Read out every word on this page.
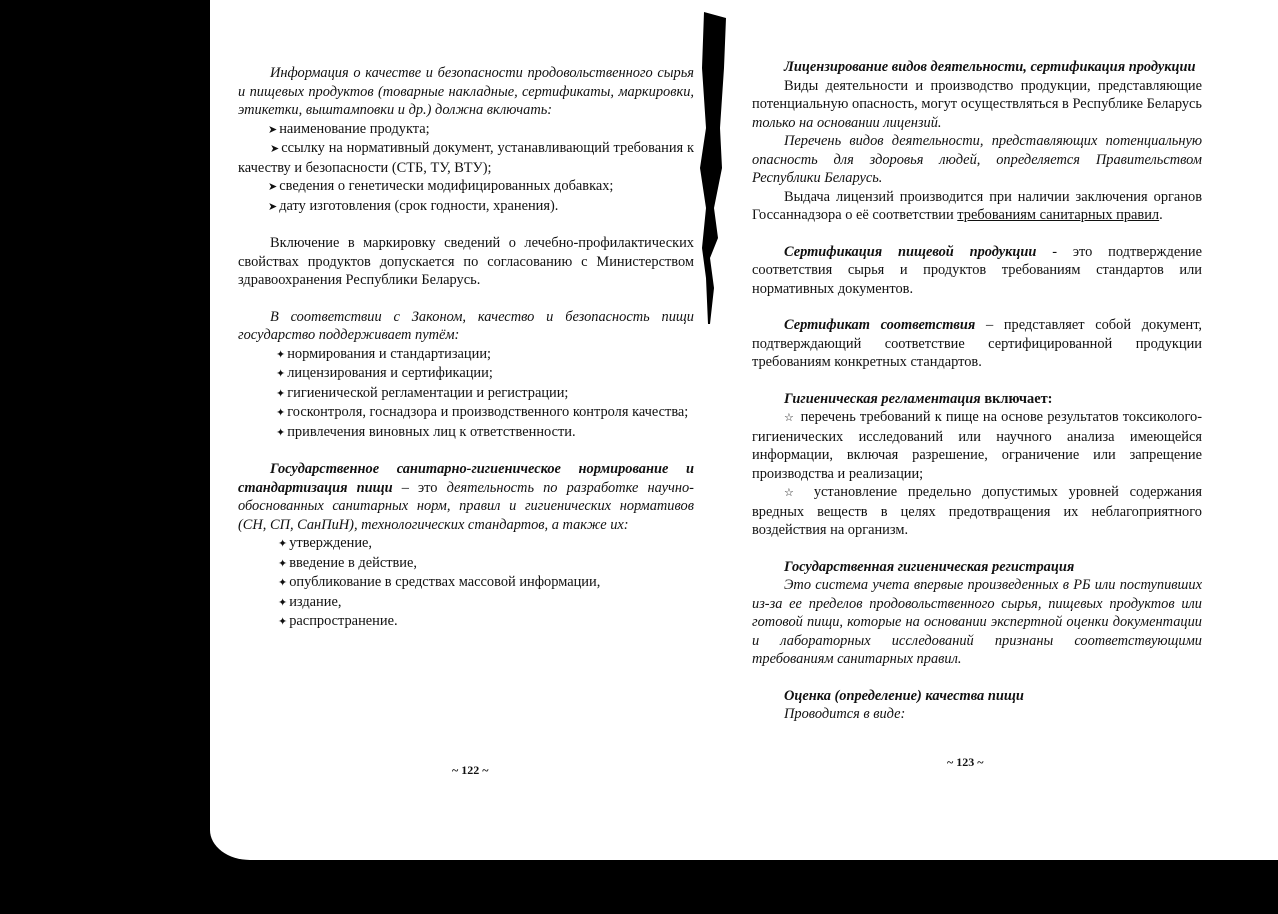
Информация о качестве и безопасности продовольственного сырья и пищевых продуктов (товарные накладные, сертификаты, маркировки, этикетки, выштамповки и др.) должна включать:

➤ наименование продукта;

➤ ссылку на нормативный документ, устанавливающий требования к качеству и безопасности (СТБ, ТУ, ВТУ);

➤ сведения о генетически модифицированных добавках;
➤ дату изготовления (срок годности, хранения).

Включение в маркировку сведений о лечебно-профилактических свойствах продуктов допускается по согласованию с Министерством здравоохранения Республики Беларусь.

В соответствии с Законом, качество и безопасность пищи государство поддерживает путём:

✦ нормирования и стандартизации;
✦ лицензирования и сертификации;
✦ гигиенической регламентации и регистрации;

✦ госконтроля, госнадзора и производственного контроля качества;

✦ привлечения виновных лиц к ответственности.

Государственное санитарно-гигиеническое нормирование и стандартизация пищи – это деятельность по разработке научно-обоснованных санитарных норм, правил и гигиенических нормативов (СН, СП, СанПиН), технологических стандартов, а также их:

✦ утверждение,
✦ введение в действие,
✦ опубликование в средствах массовой информации,
✦ издание,
✦ распространение.
~ 122 ~

Лицензирование видов деятельности, сертификация продукции

Виды деятельности и производство продукции, представляющие потенциальную опасность, могут осуществляться в Республике Беларусь только на основании лицензий.

Перечень видов деятельности, представляющих потенциальную опасность для здоровья людей, определяется Правительством Республики Беларусь.

Выдача лицензий производится при наличии заключения органов Госсаннадзора о её соответствии требованиям санитарных правил.

Сертификация пищевой продукции - это подтверждение соответствия сырья и продуктов требованиям стандартов или нормативных документов.

Сертификат соответствия – представляет собой документ, подтверждающий соответствие сертифицированной продукции требованиям конкретных стандартов.

Гигиеническая регламентация включает:

☆ перечень требований к пище на основе результатов токсиколого-гигиенических исследований или научного анализа имеющейся информации, включая разрешение, ограничение или запрещение производства и реализации;

☆ установление предельно допустимых уровней содержания вредных веществ в целях предотвращения их неблагоприятного воздействия на организм.

Государственная гигиеническая регистрация

Это система учета впервые произведенных в РБ или поступивших из-за ее пределов продовольственного сырья, пищевых продуктов или готовой пищи, которые на основании экспертной оценки документации и лабораторных исследований признаны соответствующими требованиям санитарных правил.

Оценка (определение) качества пищи

Проводится в виде:

~ 123 ~
